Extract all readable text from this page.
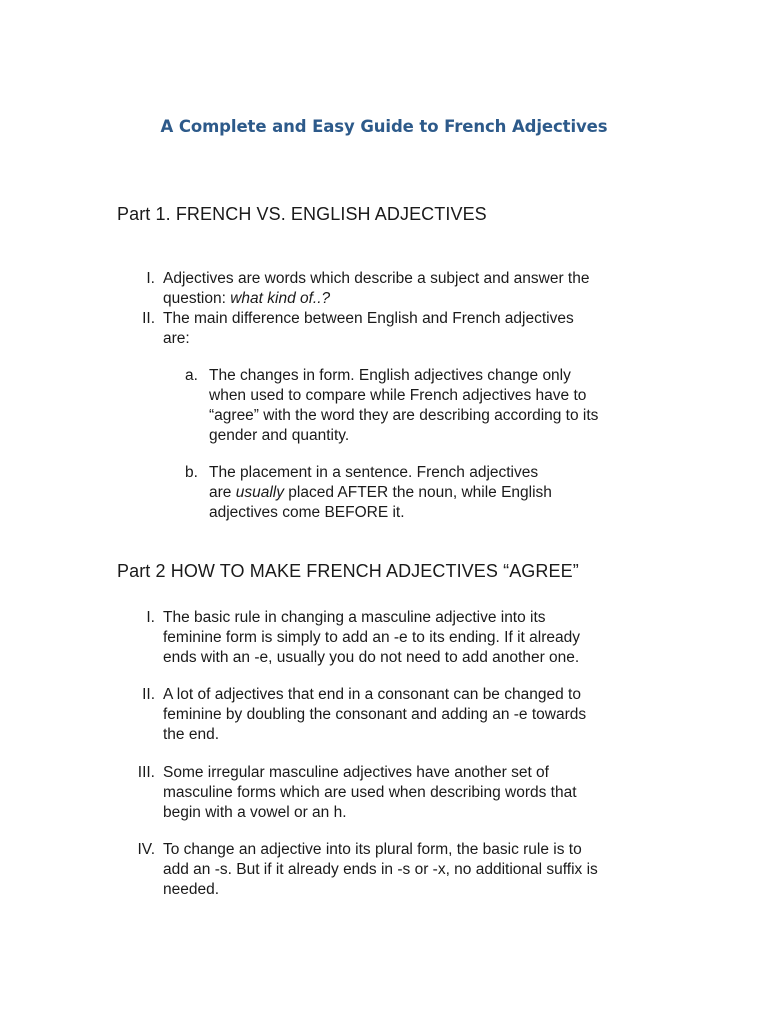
A Complete and Easy Guide to French Adjectives
Part 1. FRENCH VS. ENGLISH ADJECTIVES
I. Adjectives are words which describe a subject and answer the
question: what kind of..?
II. The main difference between English and French adjectives
are:
a. The changes in form. English adjectives change only
when used to compare while French adjectives have to
“agree” with the word they are describing according to its
gender and quantity.
b. The placement in a sentence. French adjectives
are usually placed AFTER the noun, while English
adjectives come BEFORE it.
Part 2 HOW TO MAKE FRENCH ADJECTIVES “AGREE”
I. The basic rule in changing a masculine adjective into its
feminine form is simply to add an -e to its ending. If it already
ends with an -e, usually you do not need to add another one.
II. A lot of adjectives that end in a consonant can be changed to
feminine by doubling the consonant and adding an -e towards
the end.
III. Some irregular masculine adjectives have another set of
masculine forms which are used when describing words that
begin with a vowel or an h.
IV. To change an adjective into its plural form, the basic rule is to
add an -s. But if it already ends in -s or -x, no additional suffix is
needed.
